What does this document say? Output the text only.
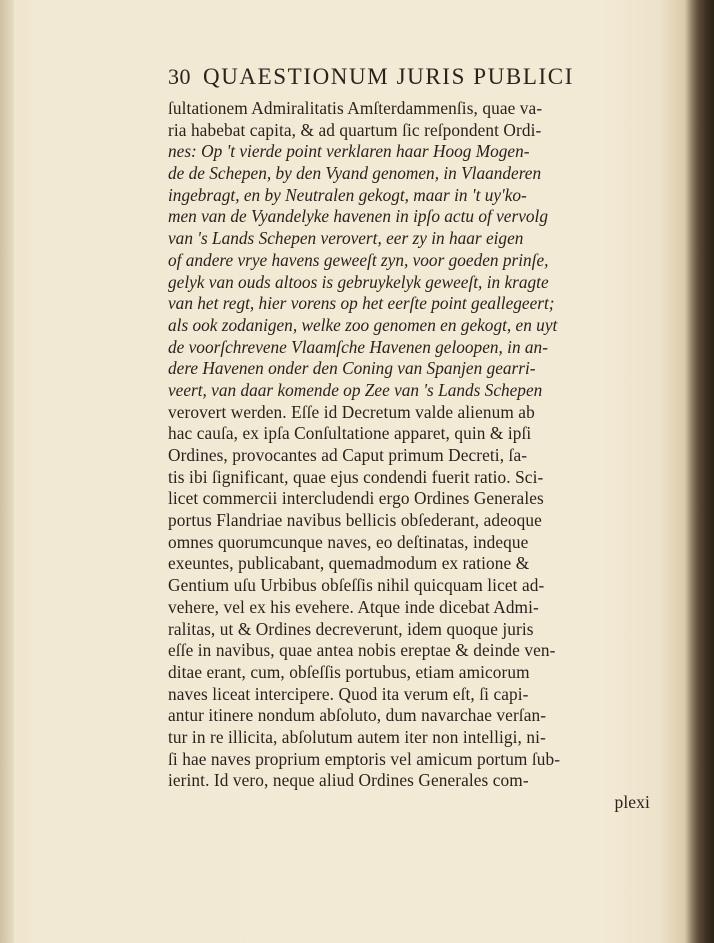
30 QUAESTIONUM JURIS PUBLICI
ſultationem Admiralitatis Amſterdammenſis, quae va-
ria habebat capita, & ad quartum ſic reſpondent Ordi-
nes: Op 't vierde point verklaren haar Hoog Mogen-
de de Schepen, by den Vyand genomen, in Vlaanderen
ingebragt, en by Neutralen gekogt, maar in 't uy'ko-
men van de Vyandelyke havenen in ipſo actu of vervolg
van 's Lands Schepen verovert, eer zy in haar eigen
of andere vrye havens geweeſt zyn, voor goeden prinſe,
gelyk van ouds altoos is gebruykelyk geweeſt, in kragte
van het regt, hier vorens op het eerſte point geallegeert;
als ook zodanigen, welke zoo genomen en gekogt, en uyt
de voorſchrevene Vlaamſche Havenen geloopen, in an-
dere Havenen onder den Coning van Spanjen gearri-
veert, van daar komende op Zee van 's Lands Schepen
verovert werden. Eſſe id Decretum valde alienum ab
hac cauſa, ex ipſa Conſultatione apparet, quin & ipſi
Ordines, provocantes ad Caput primum Decreti, ſa-
tis ibi ſignificant, quae ejus condendi fuerit ratio. Sci-
licet commercii intercludendi ergo Ordines Generales
portus Flandriae navibus bellicis obſederant, adeoque
omnes quorumcunque naves, eo deſtinatas, indeque
exeuntes, publicabant, quemadmodum ex ratione &
Gentium uſu Urbibus obſeſſis nihil quicquam licet ad-
vehere, vel ex his evehere. Atque inde dicebat Admi-
ralitas, ut & Ordines decreverunt, idem quoque juris
eſſe in navibus, quae antea nobis ereptae & deinde ven-
ditae erant, cum, obſeſſis portubus, etiam amicorum
naves liceat intercipere. Quod ita verum eſt, ſi capi-
antur itinere nondum abſoluto, dum navarchae verſan-
tur in re illicita, abſolutum autem iter non intelligi, ni-
ſi hae naves proprium emptoris vel amicum portum ſub-
ierint. Id vero, neque aliud Ordines Generales com-
plexi
